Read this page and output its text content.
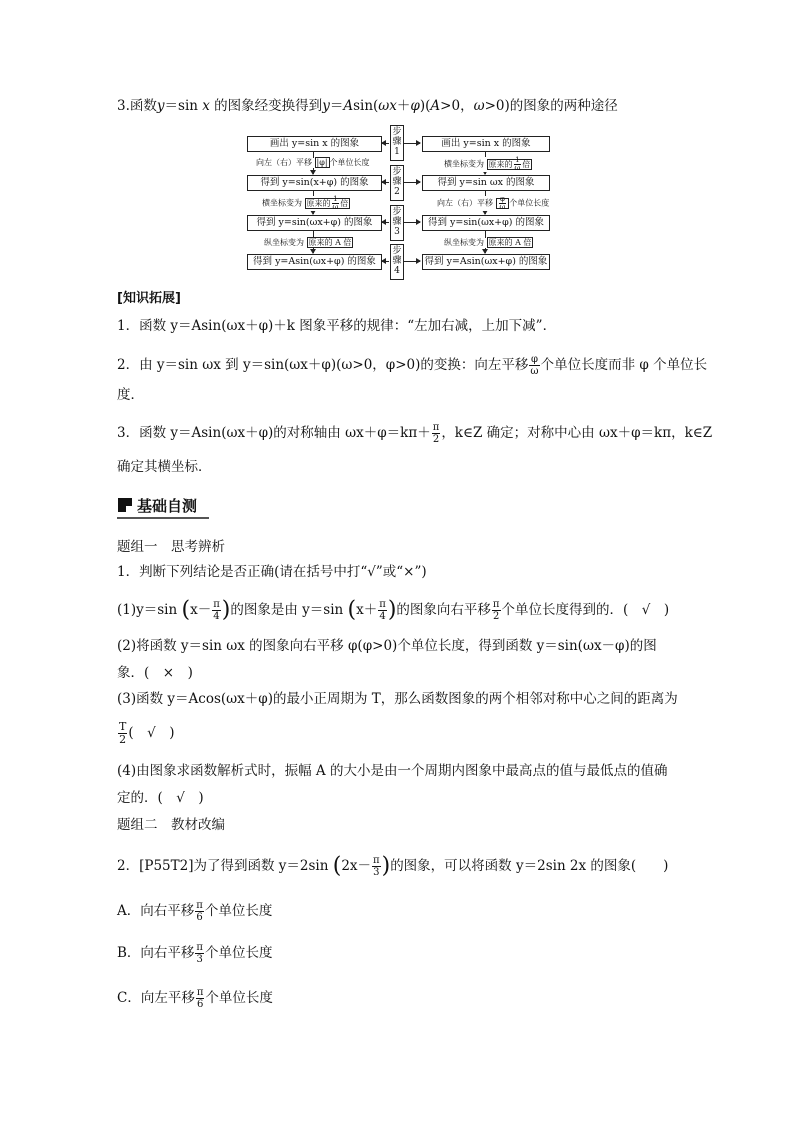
3.函数y＝sin x 的图象经变换得到y＝Asin(ωx＋φ)(A>0，ω>0)的图象的两种途径
画出 y=sin x 的图象
得到 y=sin(x+φ) 的图象
得到 y=sin(ωx+φ) 的图象
得到 y=Asin(ωx+φ) 的图象
画出 y=sin x 的图象
得到 y=sin ωx 的图象
得到 y=sin(ωx+φ) 的图象
得到 y=Asin(ωx+φ) 的图象
步骤1
步骤2
步骤3
步骤4
向左（右）平移 |φ| 个单位长度
横坐标变为 原来的 $\frac{1}{\omega}$ 倍
纵坐标变为 原来的 A 倍
横坐标变为 原来的 $\frac{1}{\omega}$ 倍
向左（右）平移 $\frac{\varphi}{\omega}$ 个单位长度
纵坐标变为 原来的 A 倍
[知识拓展]
1．函数 y＝Asin(ωx＋φ)＋k 图象平移的规律：“左加右减，上加下减”．
2．由 y＝sin ωx 到 y＝sin(ωx＋φ)(ω>0，φ>0)的变换：向左平移 $\frac{\varphi}{\omega}$ 个单位长度而非 φ 个单位长
度．
3．函数 y＝Asin(ωx＋φ)的对称轴由 $\omega x+\varphi=k\pi+ \frac{\pi}{2}$ ，k∈Z 确定；对称中心由 ωx＋φ＝kπ，k∈Z
确定其横坐标．
基础自测
题组一　思考辨析
1．判断下列结论是否正确(请在括号中打“√”或“×”)
(1)y＝sin ($x- \frac{\pi}{4}$ )的图象是由 y＝sin ($x+ \frac{\pi}{4}$ )的图象向右平移 $\frac{\pi}{2}$ 个单位长度得到的．(　√　)
(2)将函数 y＝sin ωx 的图象向右平移 φ(φ>0)个单位长度，得到函数 y＝sin(ωx－φ)的图
象．(　×　)
(3)函数 y＝Acos(ωx＋φ)的最小正周期为 T，那么函数图象的两个相邻对称中心之间的距离为
$\frac{T}{2}$ (　√　)
(4)由图象求函数解析式时，振幅 A 的大小是由一个周期内图象中最高点的值与最低点的值确
定的．(　√　)
题组二　教材改编
2．[P55T2]为了得到函数 y＝2sin ($2x- \frac{\pi}{3}$ )的图象，可以将函数 y＝2sin 2x 的图象(　　)
A．向右平移 $\frac{\pi}{6}$ 个单位长度
B．向右平移 $\frac{\pi}{3}$ 个单位长度
C．向左平移 $\frac{\pi}{6}$ 个单位长度
